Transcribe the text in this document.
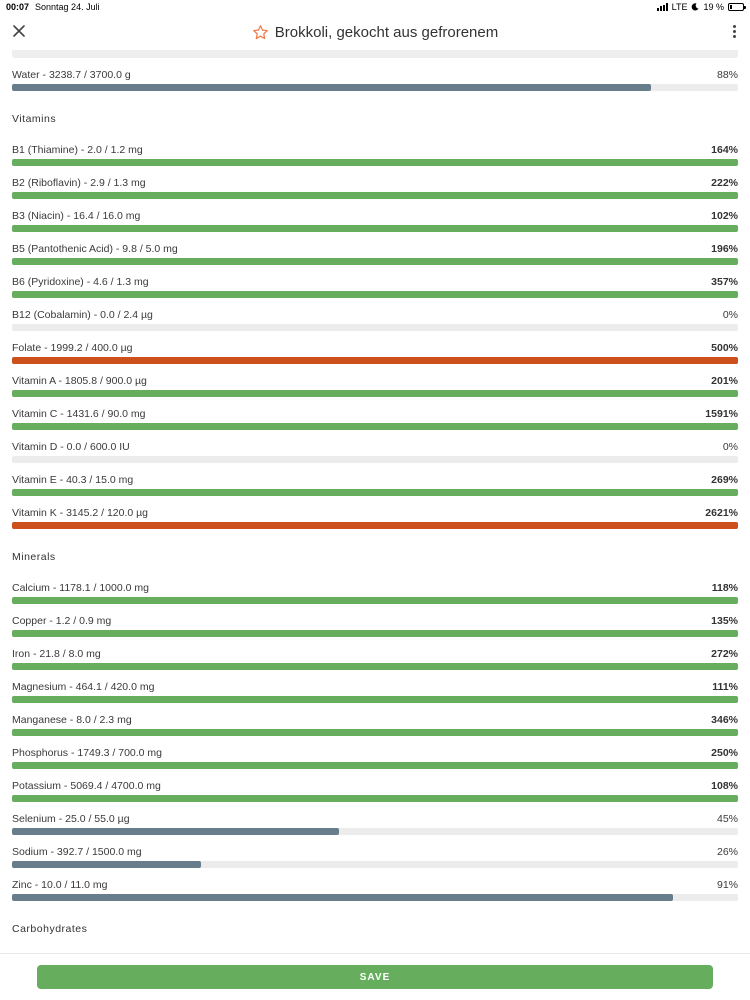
00:07 Sonntag 24. Juli	LTE 19 %
Brokkoli, gekocht aus gefrorenem
Water - 3238.7 / 3700.0 g	88%
Vitamins
B1 (Thiamine) - 2.0 / 1.2 mg	164%
B2 (Riboflavin) - 2.9 / 1.3 mg	222%
B3 (Niacin) - 16.4 / 16.0 mg	102%
B5 (Pantothenic Acid) - 9.8 / 5.0 mg	196%
B6 (Pyridoxine) - 4.6 / 1.3 mg	357%
B12 (Cobalamin) - 0.0 / 2.4 µg	0%
Folate - 1999.2 / 400.0 µg	500%
Vitamin A - 1805.8 / 900.0 µg	201%
Vitamin C - 1431.6 / 90.0 mg	1591%
Vitamin D - 0.0 / 600.0 IU	0%
Vitamin E - 40.3 / 15.0 mg	269%
Vitamin K - 3145.2 / 120.0 µg	2621%
Minerals
Calcium - 1178.1 / 1000.0 mg	118%
Copper - 1.2 / 0.9 mg	135%
Iron - 21.8 / 8.0 mg	272%
Magnesium - 464.1 / 420.0 mg	111%
Manganese - 8.0 / 2.3 mg	346%
Phosphorus - 1749.3 / 700.0 mg	250%
Potassium - 5069.4 / 4700.0 mg	108%
Selenium - 25.0 / 55.0 µg	45%
Sodium - 392.7 / 1500.0 mg	26%
Zinc - 10.0 / 11.0 mg	91%
Carbohydrates
SAVE
